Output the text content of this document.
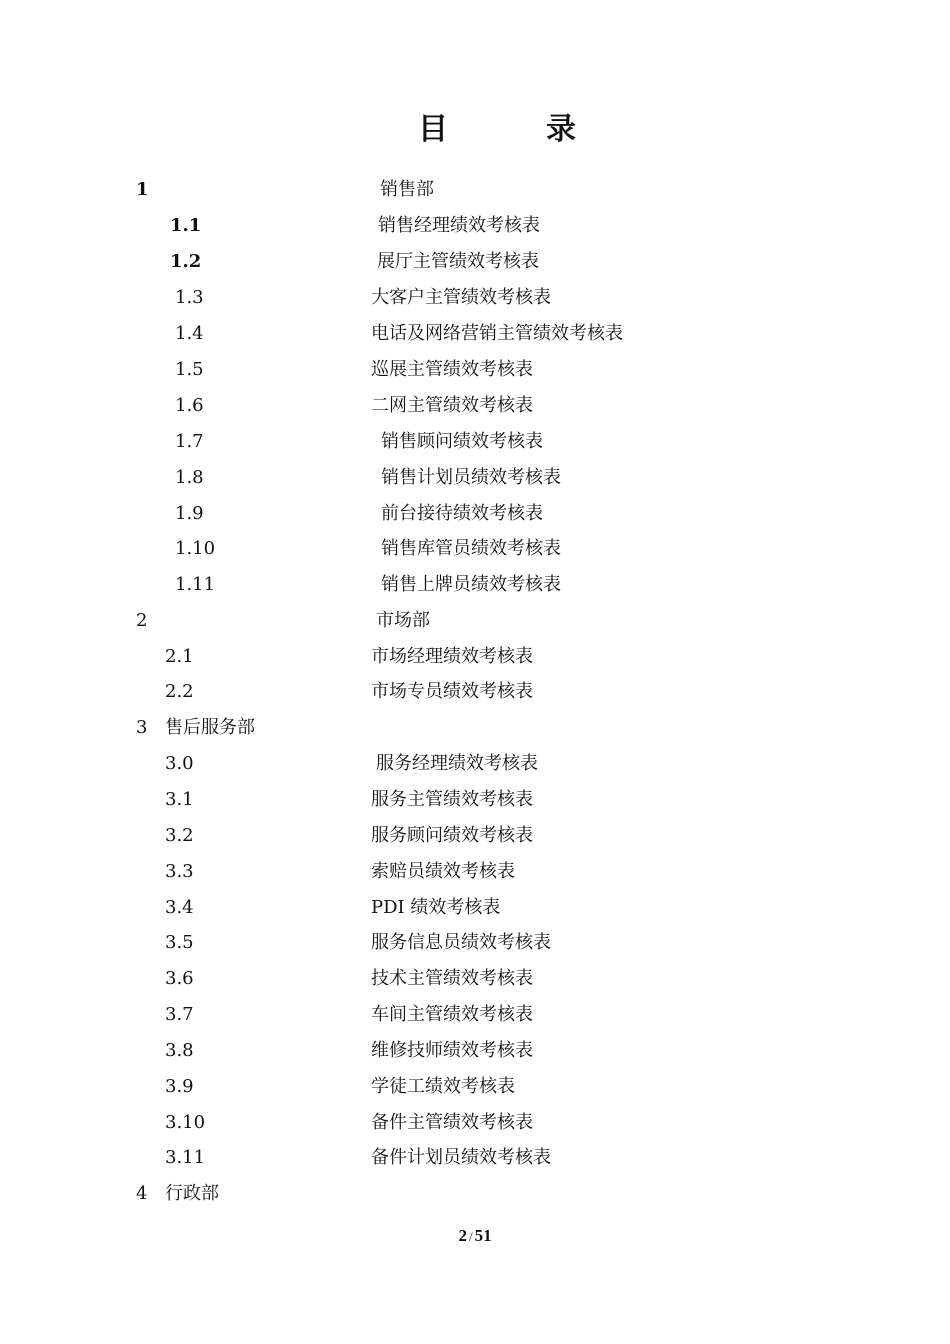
目	录
1	销售部
1.1	销售经理绩效考核表
1.2	展厅主管绩效考核表
1.3	大客户主管绩效考核表
1.4	电话及网络营销主管绩效考核表
1.5	巡展主管绩效考核表
1.6	二网主管绩效考核表
1.7	销售顾问绩效考核表
1.8	销售计划员绩效考核表
1.9	前台接待绩效考核表
1.10	销售库管员绩效考核表
1.11	销售上牌员绩效考核表
2	市场部
2.1	市场经理绩效考核表
2.2	市场专员绩效考核表
3 售后服务部
3.0	服务经理绩效考核表
3.1	服务主管绩效考核表
3.2	服务顾问绩效考核表
3.3	索赔员绩效考核表
3.4	PDI 绩效考核表
3.5	服务信息员绩效考核表
3.6	技术主管绩效考核表
3.7	车间主管绩效考核表
3.8	维修技师绩效考核表
3.9	学徒工绩效考核表
3.10	备件主管绩效考核表
3.11	备件计划员绩效考核表
4 行政部
2 / 51
